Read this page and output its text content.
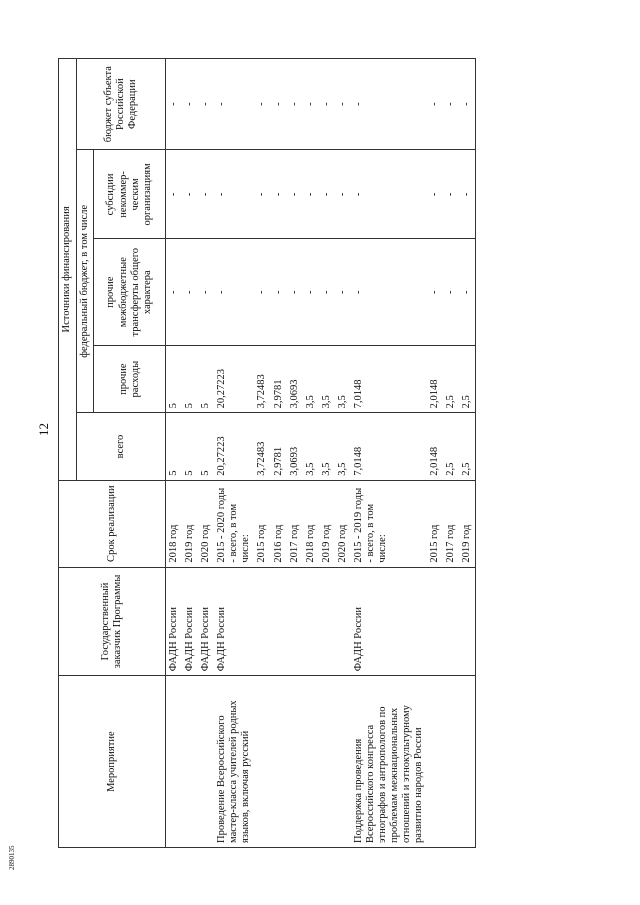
12
2890135
Мероприятие	Государственный заказчик Программы	Срок реализации	Источники финансирования				
			всего	федеральный бюджет, в том числе			бюджет субъекта Российской Федерации
				прочие расходы	прочие межбюджетные трансферты общего характера	субсидии некоммер- ческим организациям	
	ФАДН России	2018 год	5	5	-	-	-
	ФАДН России	2019 год	5	5	-	-	-
	ФАДН России	2020 год	5	5	-	-	-
Проведение Всероссийского мастер-класса учителей родных языков, включая русский	ФАДН России	2015 - 2020 годы - всего, в том числе:	20,27223	20,27223	-	-	-
		2015 год	3,72483	3,72483	-	-	-
		2016 год	2,9781	2,9781	-	-	-
		2017 год	3,0693	3,0693	-	-	-
		2018 год	3,5	3,5	-	-	-
		2019 год	3,5	3,5	-	-	-
		2020 год	3,5	3,5	-	-	-
Поддержка проведения Всероссийского конгресса этнографов и антропологов по проблемам межнациональных отношений и этнокультурному развитию народов России	ФАДН России	2015 - 2019 годы - всего, в том числе:	7,0148	7,0148	-	-	-
		2015 год	2,0148	2,0148	-	-	-
		2017 год	2,5	2,5	-	-	-
		2019 год	2,5	2,5	-	-	-
